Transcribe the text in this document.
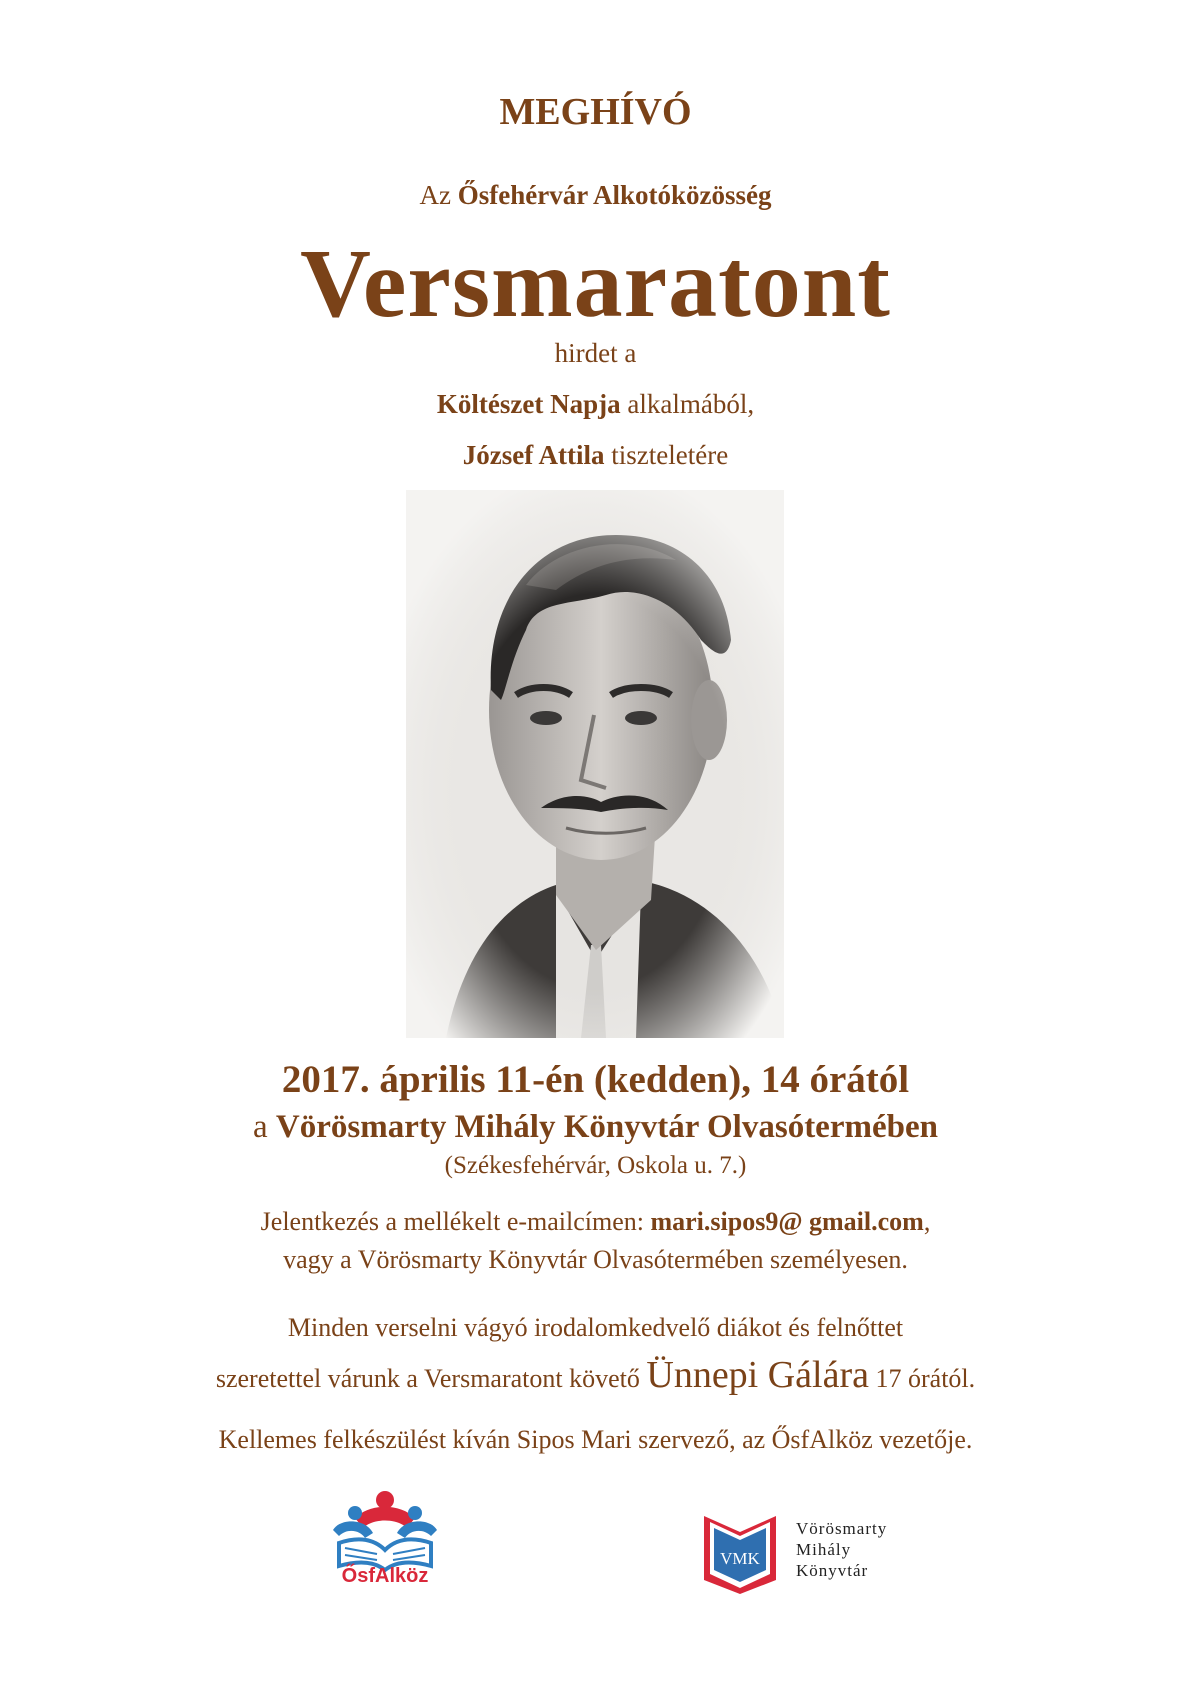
MEGHÍVÓ
Az Ősfehérvár Alkotóközösség
Versmaratont
hirdet a
Költészet Napja alkalmából,
József Attila tiszteletére
2017. április 11-én (kedden), 14 órától
a Vörösmarty Mihály Könyvtár Olvasótermében
(Székesfehérvár, Oskola u. 7.)
Jelentkezés a mellékelt e-mailcímen: mari.sipos9@ gmail.com,
vagy a Vörösmarty Könyvtár Olvasótermében személyesen.
Minden verselni vágyó irodalomkedvelő diákot és felnőttet
szeretettel várunk a Versmaratont követő Ünnepi Gálára 17 órától.
Kellemes felkészülést kíván Sipos Mari szervező, az ŐsfAlköz vezetője.
ŐsfAlköz
VMK
Vörösmarty
Mihály
Könyvtár
